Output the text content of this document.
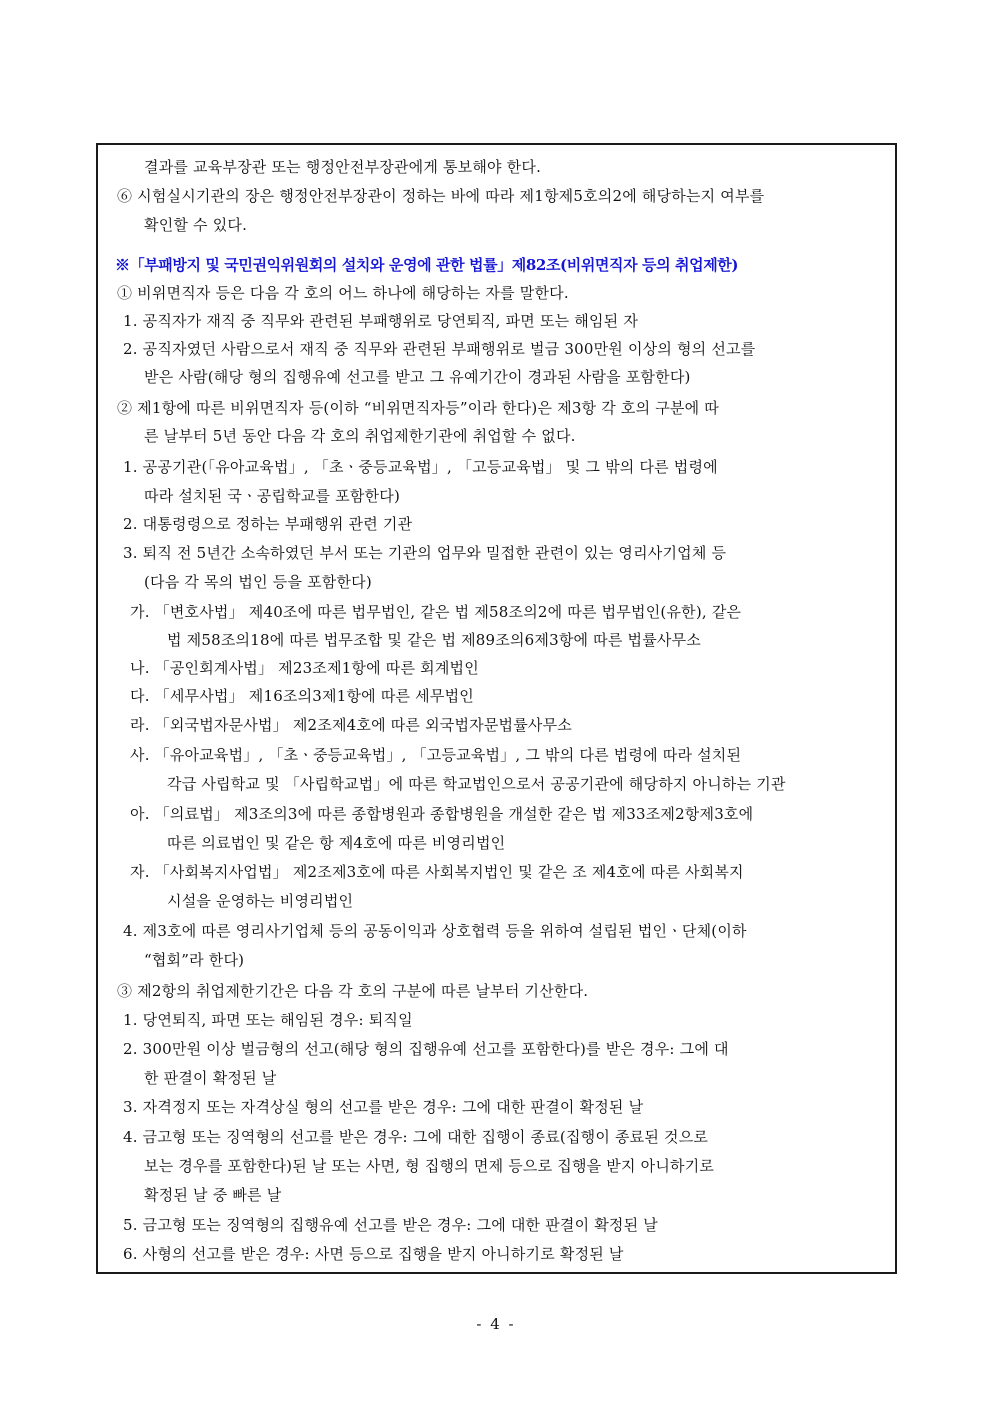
결과를 교육부장관 또는 행정안전부장관에게 통보해야 한다.
⑥ 시험실시기관의 장은 행정안전부장관이 정하는 바에 따라 제1항제5호의2에 해당하는지 여부를
확인할 수 있다.
※「부패방지 및 국민권익위원회의 설치와 운영에 관한 법률」제82조(비위면직자 등의 취업제한)
① 비위면직자 등은 다음 각 호의 어느 하나에 해당하는 자를 말한다.
1. 공직자가 재직 중 직무와 관련된 부패행위로 당연퇴직, 파면 또는 해임된 자
2. 공직자였던 사람으로서 재직 중 직무와 관련된 부패행위로 벌금 300만원 이상의 형의 선고를
받은 사람(해당 형의 집행유예 선고를 받고 그 유예기간이 경과된 사람을 포함한다)
② 제1항에 따른 비위면직자 등(이하 “비위면직자등”이라 한다)은 제3항 각 호의 구분에 따
른 날부터 5년 동안 다음 각 호의 취업제한기관에 취업할 수 없다.
1. 공공기관(「유아교육법」, 「초ㆍ중등교육법」, 「고등교육법」 및 그 밖의 다른 법령에
따라 설치된 국ㆍ공립학교를 포함한다)
2. 대통령령으로 정하는 부패행위 관련 기관
3. 퇴직 전 5년간 소속하였던 부서 또는 기관의 업무와 밀접한 관련이 있는 영리사기업체 등
(다음 각 목의 법인 등을 포함한다)
가. 「변호사법」 제40조에 따른 법무법인, 같은 법 제58조의2에 따른 법무법인(유한), 같은
법 제58조의18에 따른 법무조합 및 같은 법 제89조의6제3항에 따른 법률사무소
나. 「공인회계사법」 제23조제1항에 따른 회계법인
다. 「세무사법」 제16조의3제1항에 따른 세무법인
라. 「외국법자문사법」 제2조제4호에 따른 외국법자문법률사무소
사. 「유아교육법」, 「초ㆍ중등교육법」, 「고등교육법」, 그 밖의 다른 법령에 따라 설치된
각급 사립학교 및 「사립학교법」에 따른 학교법인으로서 공공기관에 해당하지 아니하는 기관
아. 「의료법」 제3조의3에 따른 종합병원과 종합병원을 개설한 같은 법 제33조제2항제3호에
따른 의료법인 및 같은 항 제4호에 따른 비영리법인
자. 「사회복지사업법」 제2조제3호에 따른 사회복지법인 및 같은 조 제4호에 따른 사회복지
시설을 운영하는 비영리법인
4. 제3호에 따른 영리사기업체 등의 공동이익과 상호협력 등을 위하여 설립된 법인ㆍ단체(이하
“협회”라 한다)
③ 제2항의 취업제한기간은 다음 각 호의 구분에 따른 날부터 기산한다.
1. 당연퇴직, 파면 또는 해임된 경우: 퇴직일
2. 300만원 이상 벌금형의 선고(해당 형의 집행유예 선고를 포함한다)를 받은 경우: 그에 대
한 판결이 확정된 날
3. 자격정지 또는 자격상실 형의 선고를 받은 경우: 그에 대한 판결이 확정된 날
4. 금고형 또는 징역형의 선고를 받은 경우: 그에 대한 집행이 종료(집행이 종료된 것으로
보는 경우를 포함한다)된 날 또는 사면, 형 집행의 면제 등으로 집행을 받지 아니하기로
확정된 날 중 빠른 날
5. 금고형 또는 징역형의 집행유예 선고를 받은 경우: 그에 대한 판결이 확정된 날
6. 사형의 선고를 받은 경우: 사면 등으로 집행을 받지 아니하기로 확정된 날
- 4 -
